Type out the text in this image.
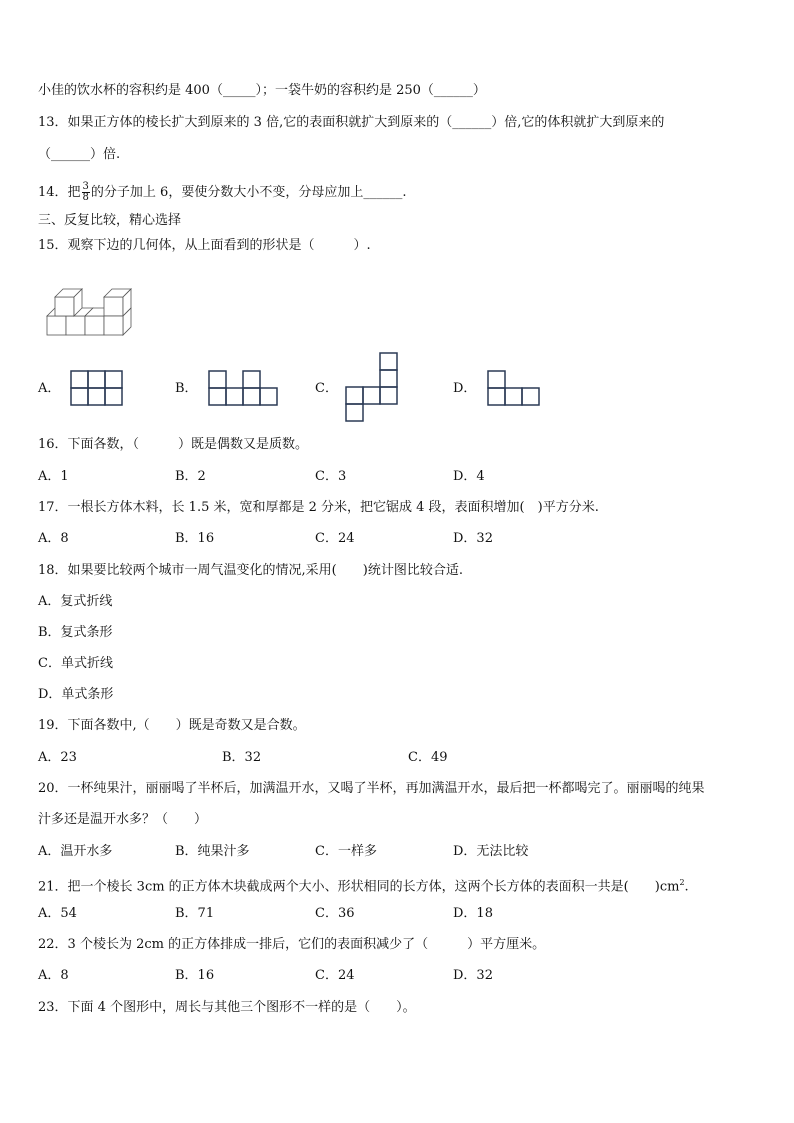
小佳的饮水杯的容积约是 400（_____）；一袋牛奶的容积约是 250（______）
13．如果正方体的棱长扩大到原来的 3 倍,它的表面积就扩大到原来的（______）倍,它的体积就扩大到原来的
（______）倍.
14．把 $\frac{3}{8}$ 的分子加上 6，要使分数大小不变，分母应加上______.
三、反复比较，精心选择
15．观察下边的几何体，从上面看到的形状是（　　　）.
A．	B．	C．	D．
16．下面各数，（　　　）既是偶数又是质数。
A．1	B．2	C．3	D．4
17．一根长方体木料，长 1.5 米，宽和厚都是 2 分米，把它锯成 4 段，表面积增加(　)平方分米.
A．8	B．16	C．24	D．32
18．如果要比较两个城市一周气温变化的情况,采用(　　)统计图比较合适.
A．复式折线
B．复式条形
C．单式折线
D．单式条形
19．下面各数中,（　　）既是奇数又是合数。
A．23	B．32	C．49
20．一杯纯果汁，丽丽喝了半杯后，加满温开水，又喝了半杯，再加满温开水，最后把一杯都喝完了。丽丽喝的纯果
汁多还是温开水多？（　　）
A．温开水多	B．纯果汁多	C．一样多	D．无法比较
21．把一个棱长 3cm 的正方体木块截成两个大小、形状相同的长方体，这两个长方体的表面积一共是(　　)$cm^2$.
A．54	B．71	C．36	D．18
22．3 个棱长为 2cm 的正方体排成一排后，它们的表面积减少了（　　　）平方厘米。
A．8	B．16	C．24	D．32
23．下面 4 个图形中，周长与其他三个图形不一样的是（　　）。
